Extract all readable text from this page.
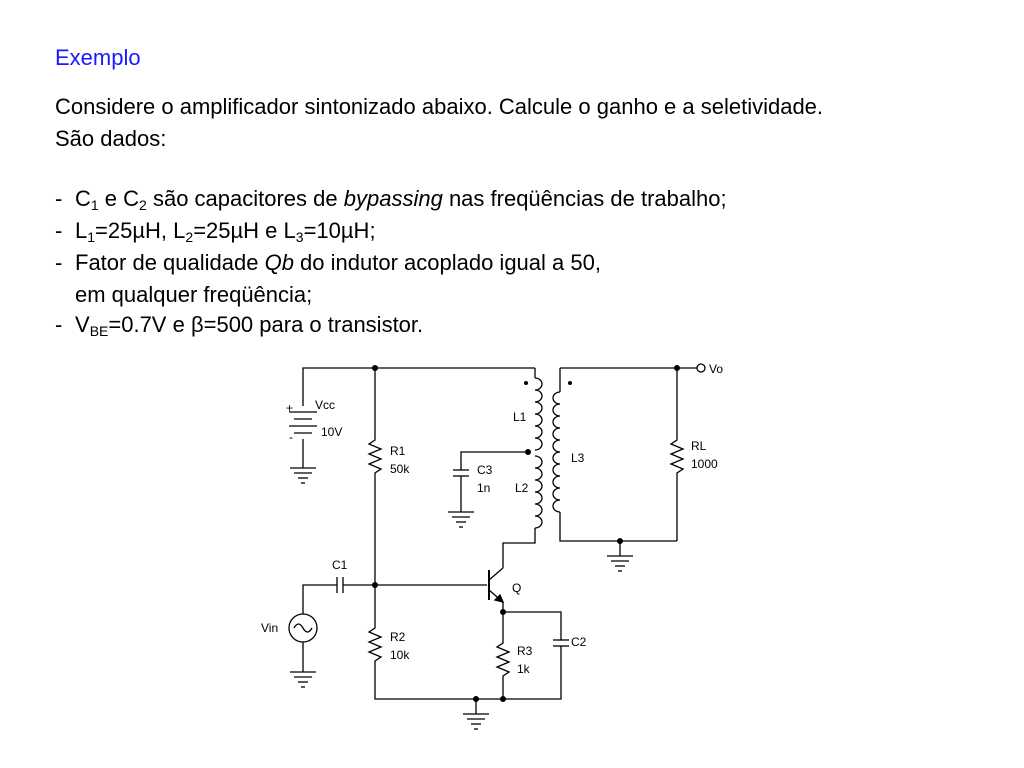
Exemplo
Considere o amplificador sintonizado abaixo. Calcule o ganho e a seletividade.
São dados:
- $C_1$ e $C_2$ são capacitores de bypassing nas freqüências de trabalho;
- $L_1=25\mu H$, $L_2=25\mu H$ e $L_3=10\mu H$;
- Fator de qualidade Qb do indutor acoplado igual a 50,
em qualquer freqüência;
- $V_{BE}=0.7V$ e β=500 para o transistor.
+
-
Vcc
10V
R1
50k
L1
L2
C3
1n
L3
RL
1000
Vo
C1
Vin
R2
10k
Q
C2
R3
1k
